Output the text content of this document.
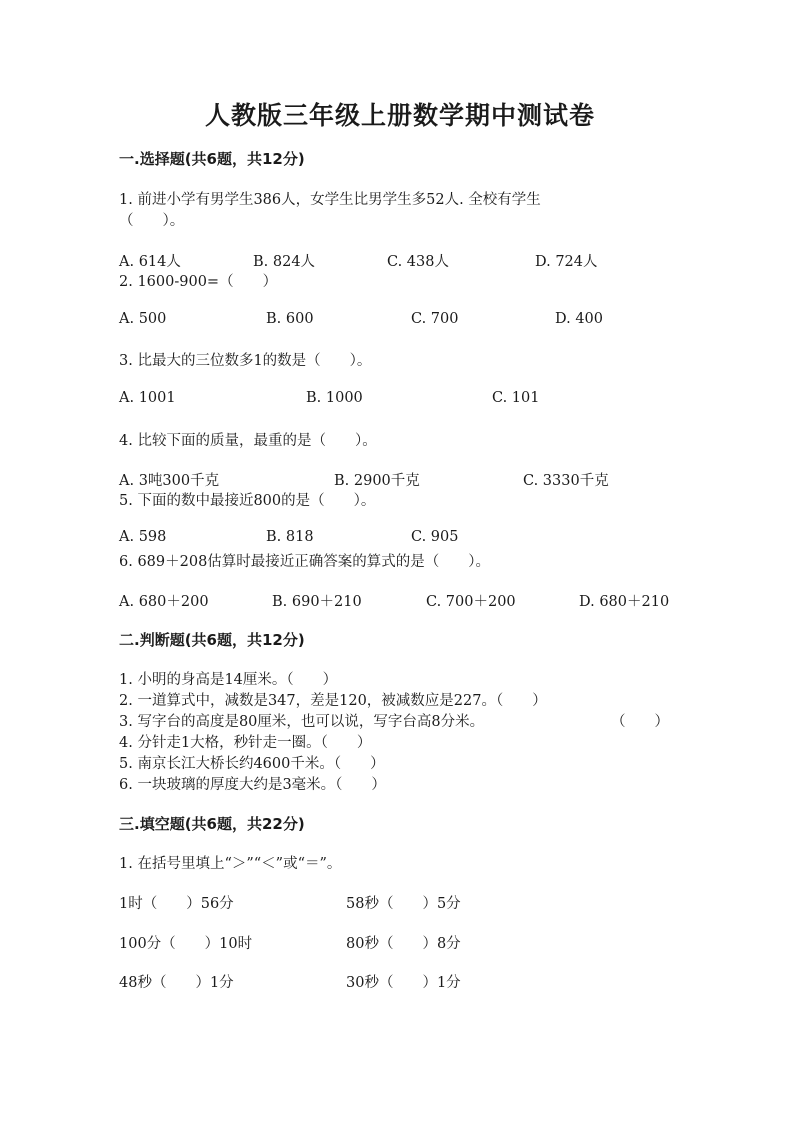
人教版三年级上册数学期中测试卷
一.选择题(共6题，共12分)
1. 前进小学有男学生386人，女学生比男学生多52人. 全校有学生
（　　）。
A. 614人	B. 824人	C. 438人	D. 724人
2. 1600-900=（　　）
A. 500	B. 600	C. 700	D. 400
3. 比最大的三位数多1的数是（　　）。
A. 1001	B. 1000	C. 101
4. 比较下面的质量，最重的是（　　）。
A. 3吨300千克	B. 2900千克	C. 3330千克
5. 下面的数中最接近800的是（　　）。
A. 598	B. 818	C. 905
6. 689＋208估算时最接近正确答案的算式的是（　　）。
A. 680＋200	B. 690＋210	C. 700＋200	D. 680＋210
二.判断题(共6题，共12分)
1. 小明的身高是14厘米。（　　）
2. 一道算式中，减数是347，差是120，被减数应是227。（　　）
3. 写字台的高度是80厘米，也可以说，写字台高8分米。	（　　）
4. 分针走1大格，秒针走一圈。（　　）
5. 南京长江大桥长约4600千米。（　　）
6. 一块玻璃的厚度大约是3毫米。（　　）
三.填空题(共6题，共22分)
1. 在括号里填上“＞”“＜”或“＝”。
1时（　　）56分	58秒（　　）5分
100分（　　）10时	80秒（　　）8分
48秒（　　）1分	30秒（　　）1分
